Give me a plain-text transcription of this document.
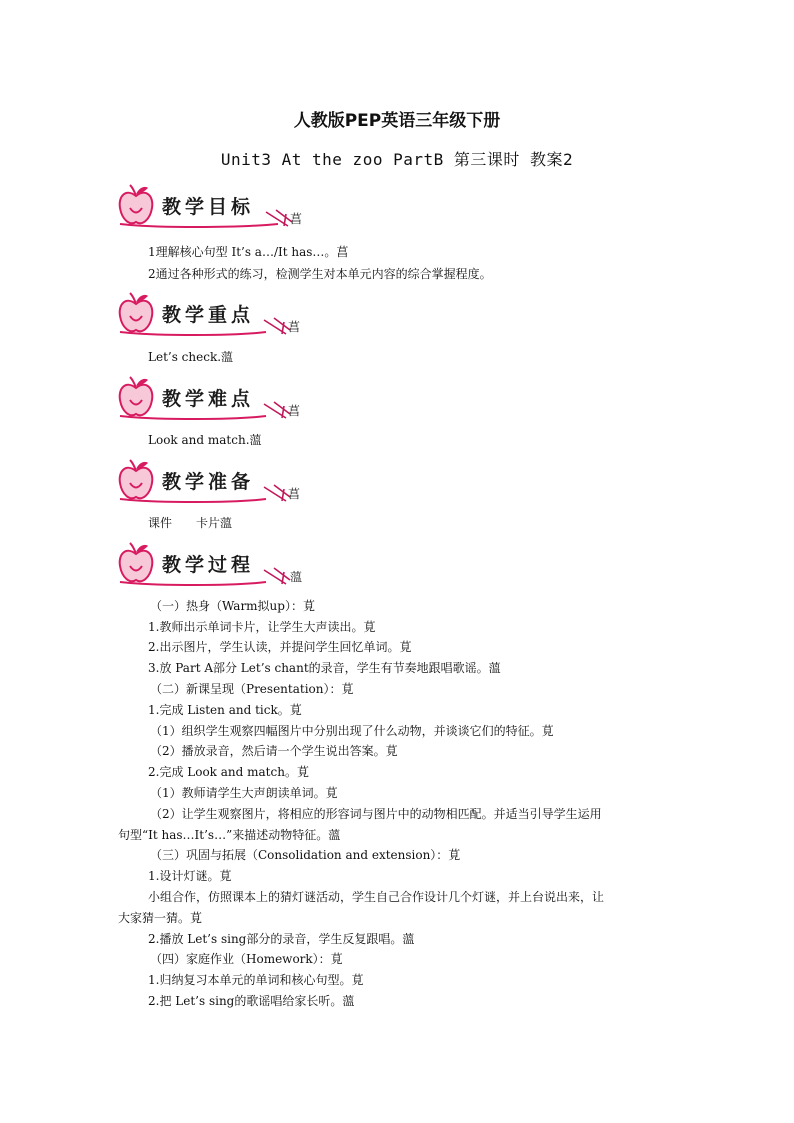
人教版PEP英语三年级下册
Unit3 At the zoo PartB 第三课时 教案2
教学目标
菖
1理解核心句型 It’s a…/It has…。菖
2通过各种形式的练习，检测学生对本单元内容的综合掌握程度。
教学重点
菖
Let’s check.薀
教学难点
菖
Look and match.薀
教学准备
菖
课件　　卡片薀
教学过程
薀
（一）热身（Warm拟up）：莧
1.教师出示单词卡片，让学生大声读出。莧
2.出示图片，学生认读，并提问学生回忆单词。莧
3.放 Part A部分 Let’s chant的录音，学生有节奏地跟唱歌谣。薀
（二）新课呈现（Presentation）：莧
1.完成 Listen and tick。莧
（1）组织学生观察四幅图片中分别出现了什么动物，并谈谈它们的特征。莧
（2）播放录音，然后请一个学生说出答案。莧
2.完成 Look and match。莧
（1）教师请学生大声朗读单词。莧
（2）让学生观察图片，将相应的形容词与图片中的动物相匹配。并适当引导学生运用
句型“It has…It’s…”来描述动物特征。薀
（三）巩固与拓展（Consolidation and extension）：莧
1.设计灯谜。莧
小组合作，仿照课本上的猜灯谜活动，学生自己合作设计几个灯谜，并上台说出来，让
大家猜一猜。莧
2.播放 Let’s sing部分的录音，学生反复跟唱。薀
（四）家庭作业（Homework）：莧
1.归纳复习本单元的单词和核心句型。莧
2.把 Let’s sing的歌谣唱给家长听。薀
